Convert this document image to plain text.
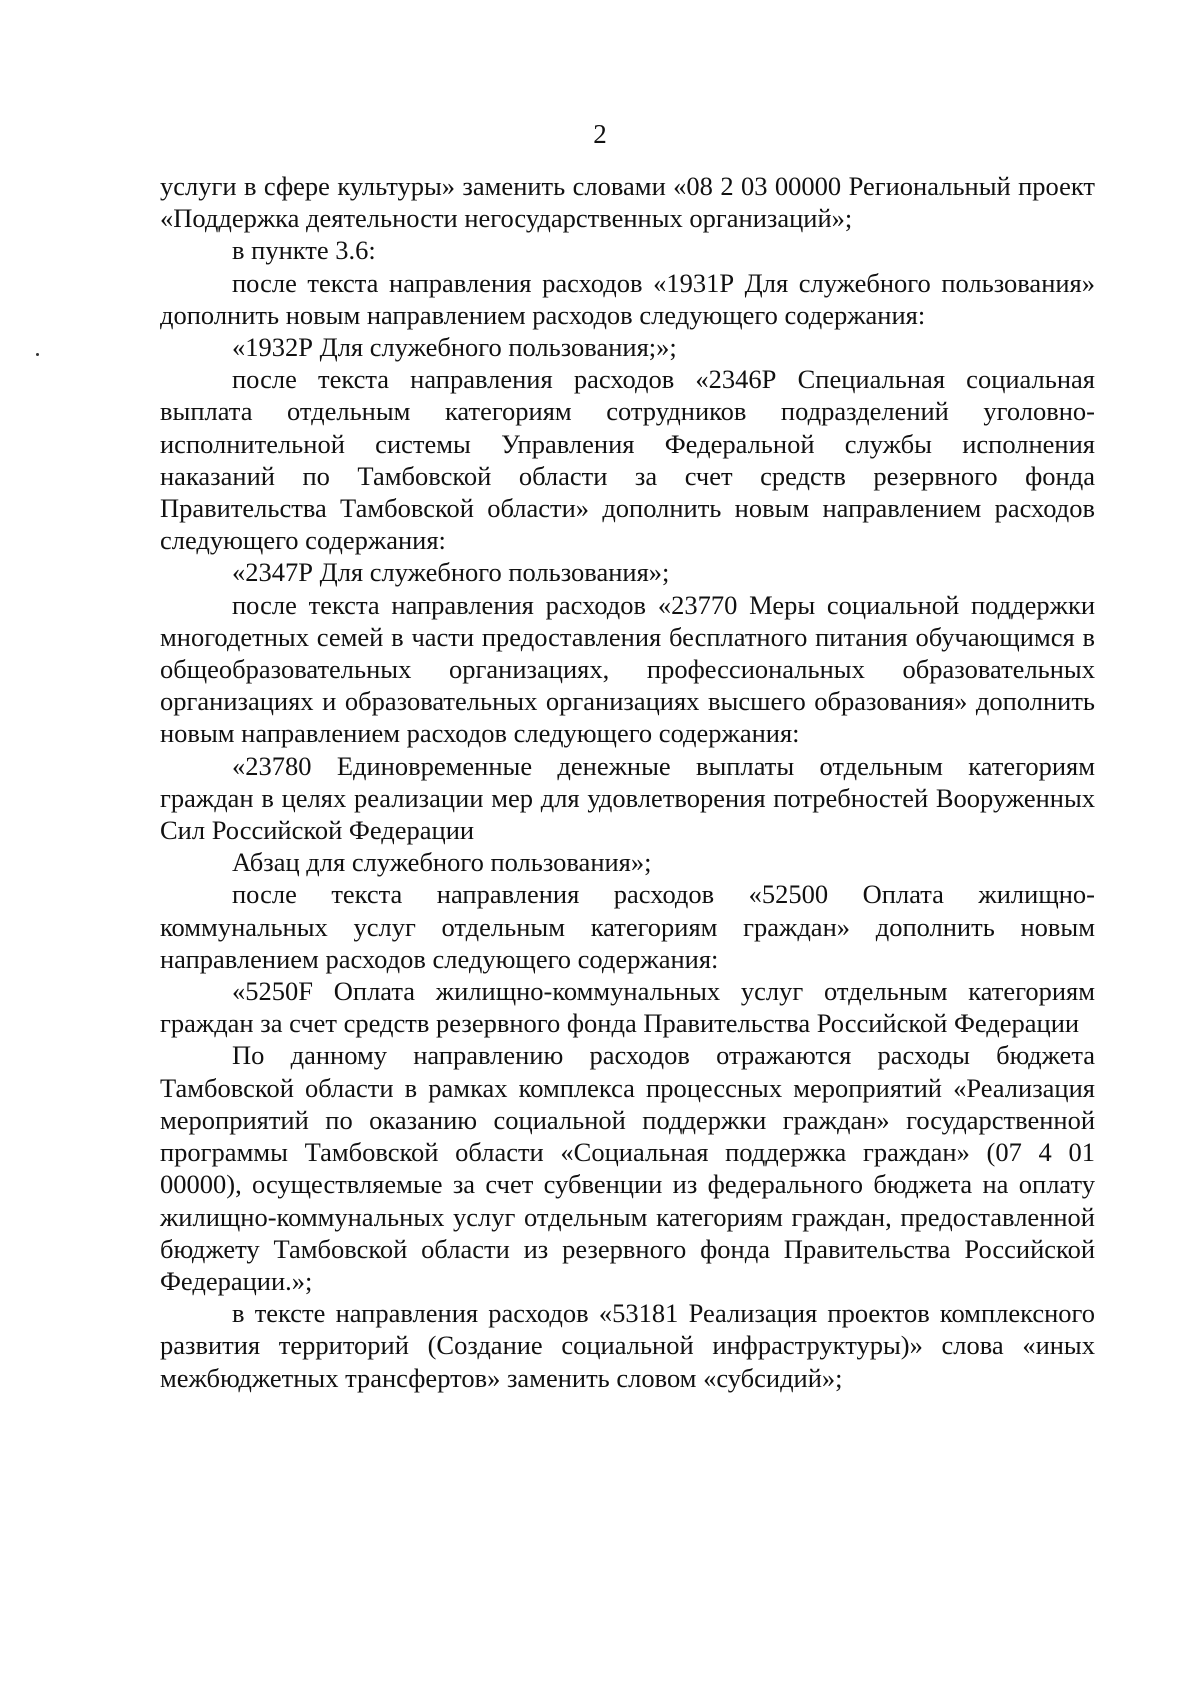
2

услуги в сфере культуры» заменить словами «08 2 03 00000 Региональный проект «Поддержка деятельности негосударственных организаций»;

в пункте 3.6:

после текста направления расходов «1931Р Для служебного пользования» дополнить новым направлением расходов следующего содержания:

«1932Р Для служебного пользования;»;

после текста направления расходов «2346Р Специальная социальная выплата отдельным категориям сотрудников подразделений уголовно-исполнительной системы Управления Федеральной службы исполнения наказаний по Тамбовской области за счет средств резервного фонда Правительства Тамбовской области» дополнить новым направлением расходов следующего содержания:

«2347Р Для служебного пользования»;

после текста направления расходов «23770 Меры социальной поддержки многодетных семей в части предоставления бесплатного питания обучающимся в общеобразовательных организациях, профессиональных образовательных организациях и образовательных организациях высшего образования» дополнить новым направлением расходов следующего содержания:

«23780 Единовременные денежные выплаты отдельным категориям граждан в целях реализации мер для удовлетворения потребностей Вооруженных Сил Российской Федерации

Абзац для служебного пользования»;

после текста направления расходов «52500 Оплата жилищно-коммунальных услуг отдельным категориям граждан» дополнить новым направлением расходов следующего содержания:

«5250F Оплата жилищно-коммунальных услуг отдельным категориям граждан за счет средств резервного фонда Правительства Российской Федерации

По данному направлению расходов отражаются расходы бюджета Тамбовской области в рамках комплекса процессных мероприятий «Реализация мероприятий по оказанию социальной поддержки граждан» государственной программы Тамбовской области «Социальная поддержка граждан» (07 4 01 00000), осуществляемые за счет субвенции из федерального бюджета на оплату жилищно-коммунальных услуг отдельным категориям граждан, предоставленной бюджету Тамбовской области из резервного фонда Правительства Российской Федерации.»;

в тексте направления расходов «53181 Реализация проектов комплексного развития территорий (Создание социальной инфраструктуры)» слова «иных межбюджетных трансфертов» заменить словом «субсидий»;
